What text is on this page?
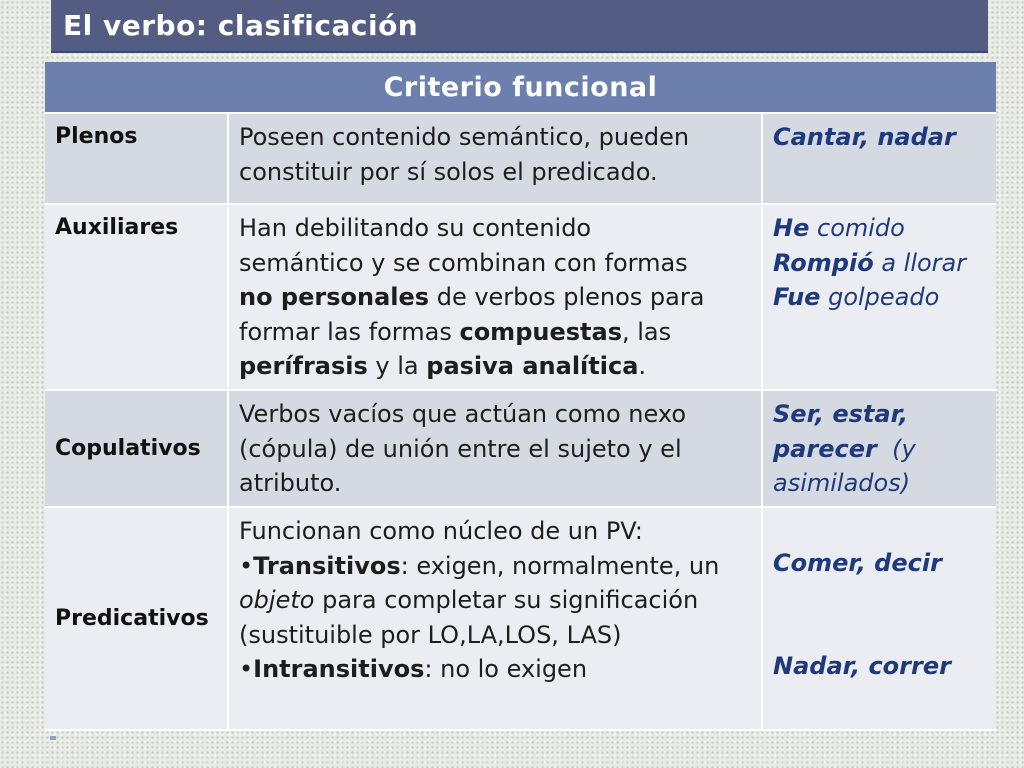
El verbo: clasificación
Criterio funcional
Plenos	Poseen contenido semántico, pueden
constituir por sí solos el predicado.
Cantar, nadar
Auxiliares	Han debilitando su contenido
semántico y se combinan con formas
no personales de verbos plenos para
formar las formas compuestas, las
perífrasis y la pasiva analítica.
He comido
Rompió a llorar
Fue golpeado
Copulativos
Verbos vacíos que actúan como nexo
(cópula) de unión entre el sujeto y el
atributo.
Ser, estar,
parecer  (y
asimilados)
Predicativos
Funcionan como núcleo de un PV:
•Transitivos: exigen, normalmente, un
objeto para completar su significación
(sustituible por LO,LA,LOS, LAS)
•Intransitivos: no lo exigen
Comer, decir
Nadar, correr
